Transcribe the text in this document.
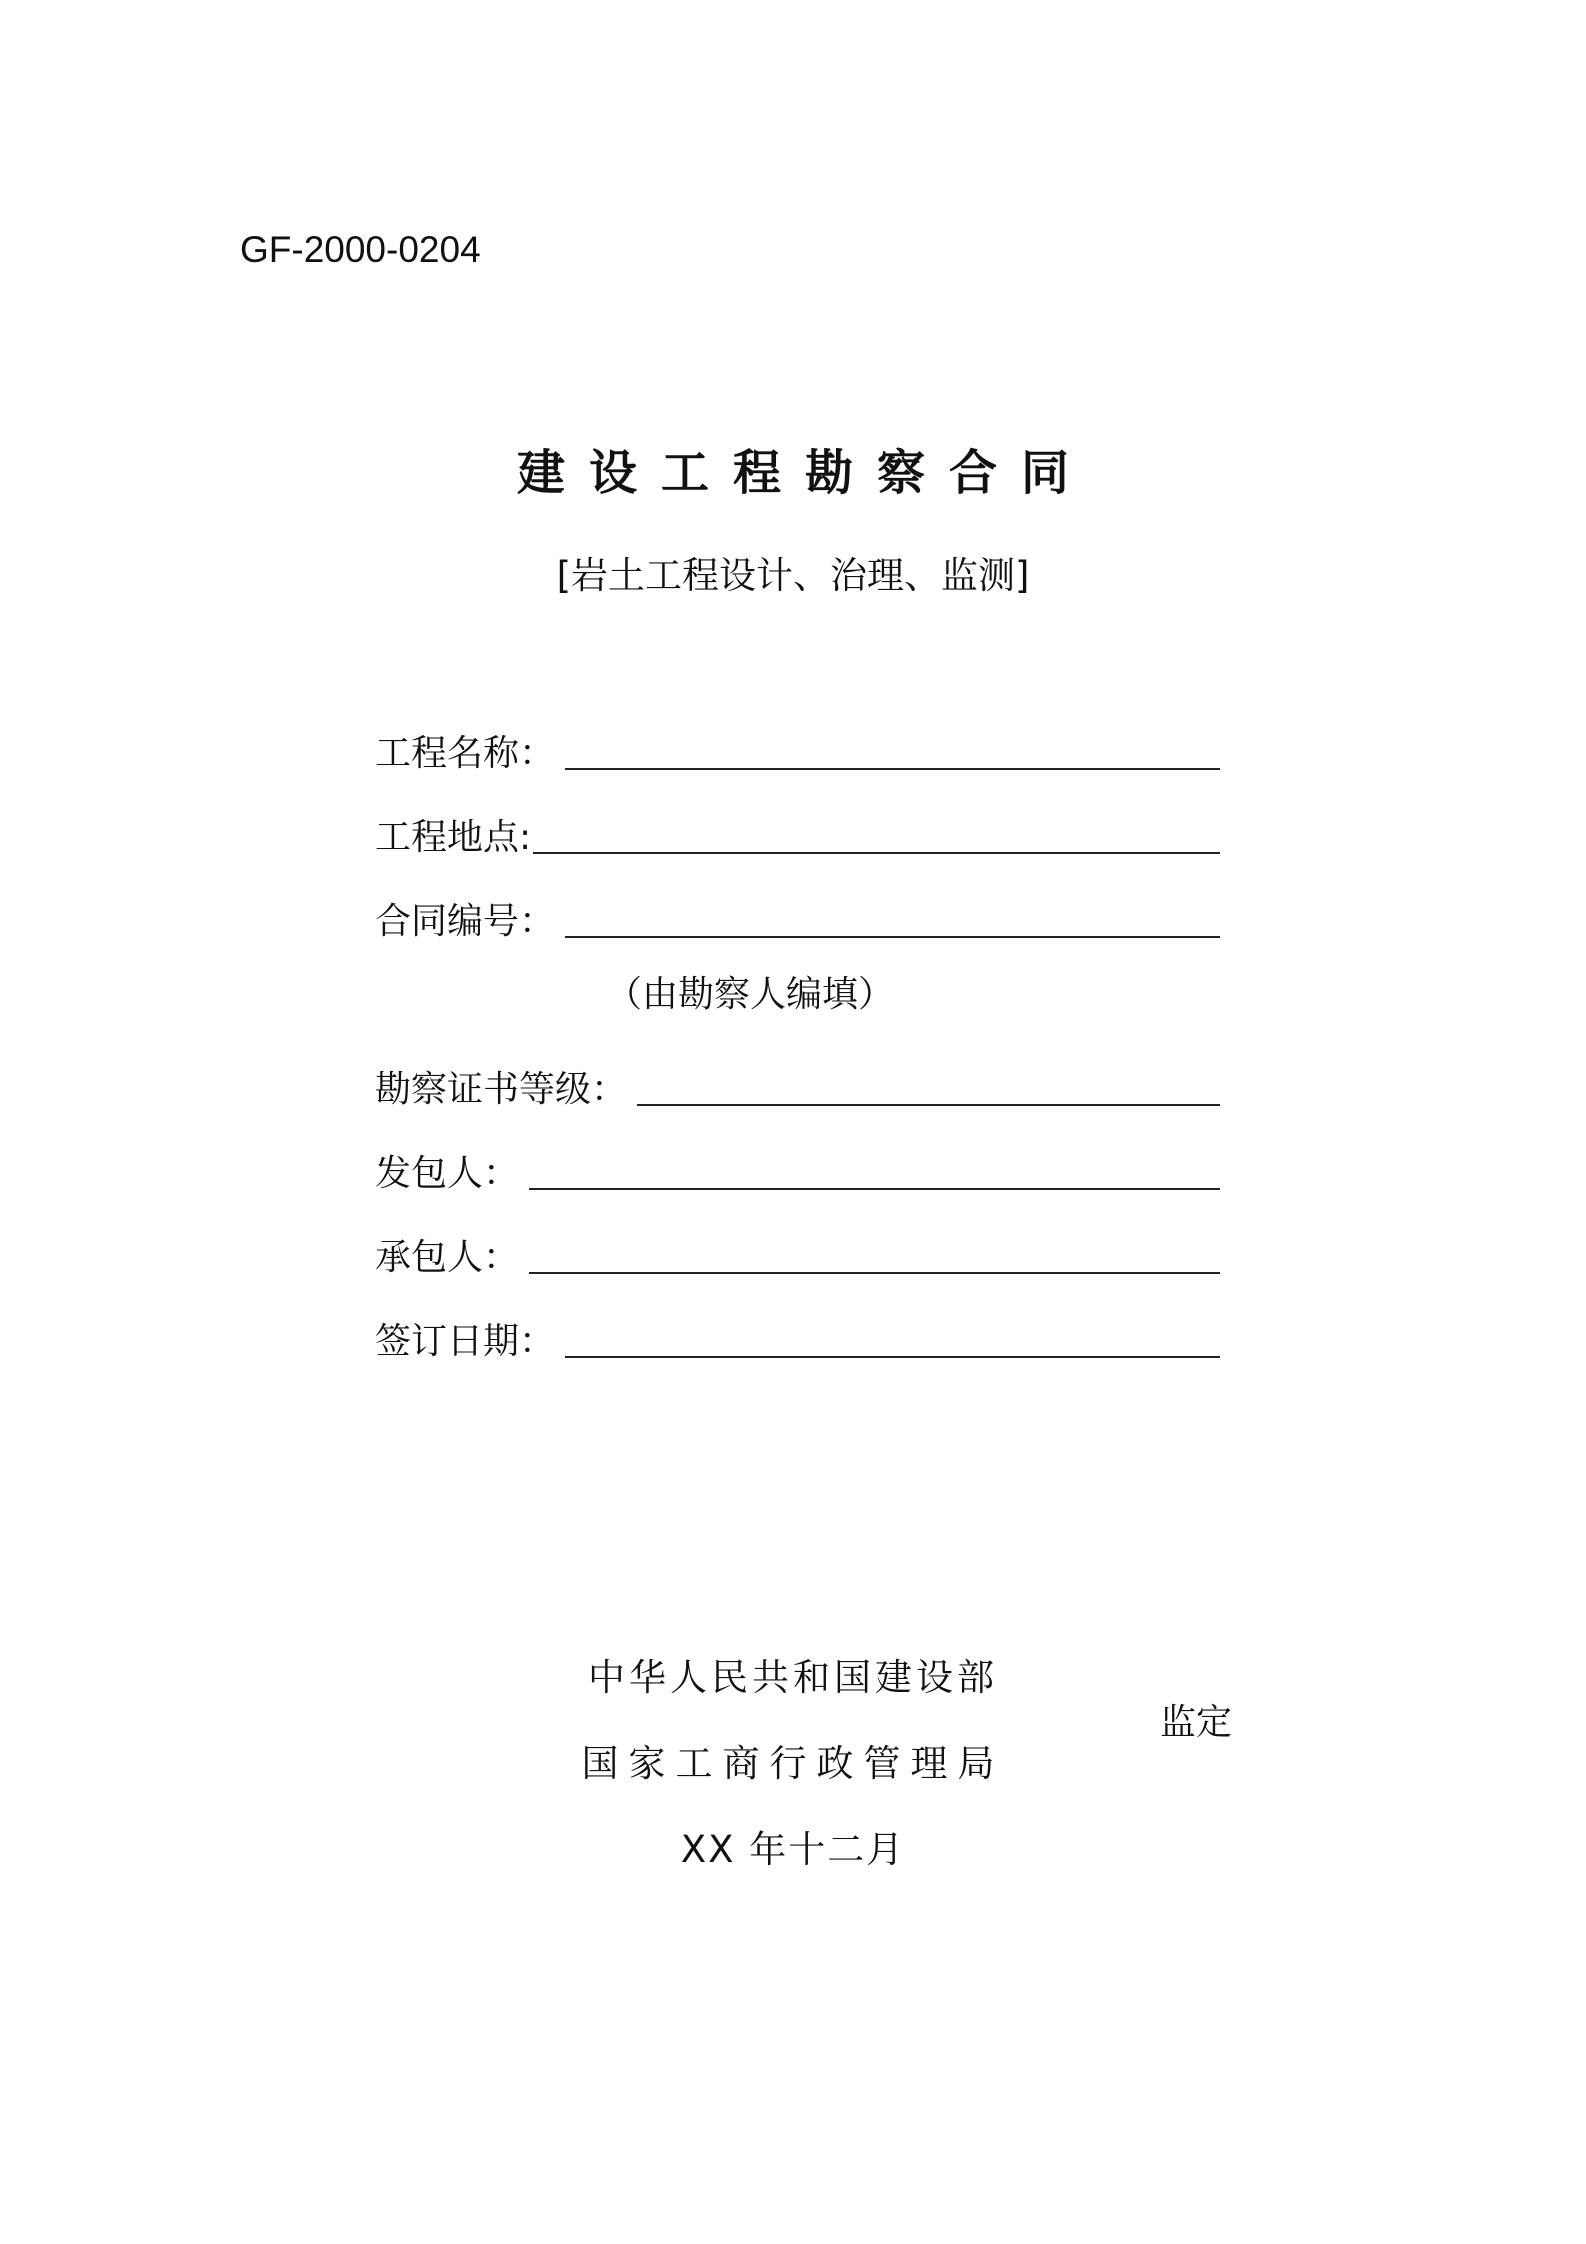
GF-2000-0204
建设工程勘察合同
[岩土工程设计、治理、监测]
工程名称：
工程地点:
合同编号：
（由勘察人编填）
勘察证书等级：
发包人：
承包人：
签订日期：
中华人民共和国建设部
国家工商行政管理局
监定
XX 年十二月
